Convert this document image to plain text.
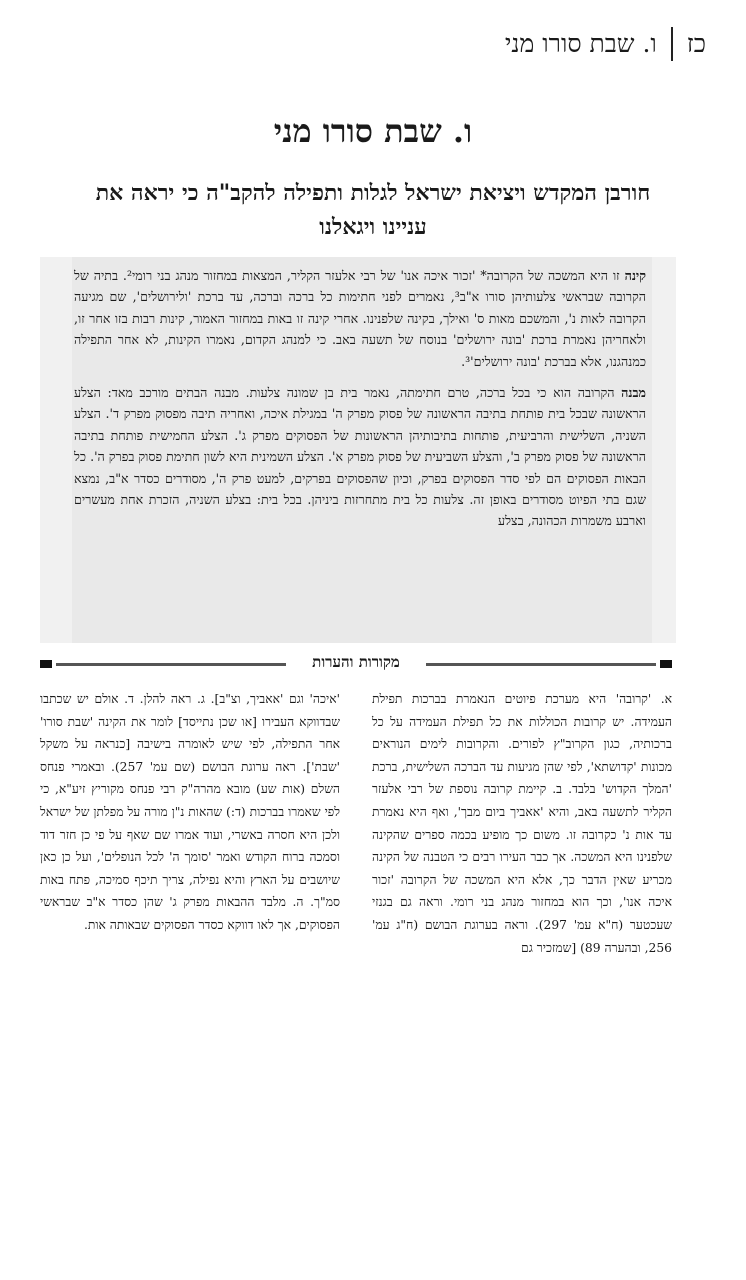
כז
ו. שבת סורו מני
ו. שבת סורו מני
חורבן המקדש ויציאת ישראל לגלות ותפילה להקב"ה כי יראה את עניינו ויגאלנו

קינה זו היא המשכה של הקרובה* 'זכור איכה אנו' של רבי אלעזר הקליר, המצאות במחזור מנהג בני רומי². בתיה של הקרובה שבראשי צלעותיהן סורו א"ב³, נאמרים לפני חתימות כל ברכה וברכה, עד ברכת 'ולירושלים', שם מגיעה הקרובה לאות נ', והמשכם מאות ס' ואילך, בקינה שלפנינו. אחרי קינה זו באות במחזור האמור, קינות רבות בזו אחר זו, ולאחריהן נאמרת ברכת 'בונה ירושלים' בנוסח של תשעה באב. כי למנהג הקדום, נאמרו הקינות, לא אחר התפילה כמנהגנו, אלא בברכת 'בונה ירושלים'³.

מבנה הקרובה הוא כי בכל ברכה, טרם חתימתה, נאמר בית בן שמונה צלעות. מבנה הבתים מורכב מאד: הצלע הראשונה שבכל בית פותחת בתיבה הראשונה של פסוק מפרק ה' במגילת איכה, ואחריה תיבה מפסוק מפרק ד'. הצלע השניה, השלישית והרביעית, פותחות בתיבותיהן הראשונות של הפסוקים מפרק ג'. הצלע החמישית פותחת בתיבה הראשונה של פסוק מפרק ב', והצלע השביעית של פסוק מפרק א'. הצלע השמינית היא לשון חתימת פסוק בפרק ה'. כל הבאות הפסוקים הם לפי סדר הפסוקים בפרק, וכיון שהפסוקים בפרקים, למעט פרק ה', מסודרים כסדר א"ב, נמצא שגם בתי הפיוט מסודרים באופן זה. צלעות כל בית מתחרזות ביניהן. בכל בית: בצלע השניה, הזכרת אחת מעשרים וארבע משמרות הכהונה, בצלע

מקורות והערות

א. 'קרובה' היא מערכת פיוטים הנאמרת בברכות תפילת העמידה. יש קרובות הכוללות את כל תפילת העמידה על כל ברכותיה, כגון הקרוב"ץ לפורים. והקרובות לימים הנוראים מכונות 'קדושתא', לפי שהן מגיעות עד הברכה השלישית, ברכת 'המלך הקדוש' בלבד. ב. קיימת קרובה נוספת של רבי אלעזר הקליר לתשעה באב, והיא 'אאביך ביום מבך', ואף היא נאמרת עד אות נ' כקרובה זו. משום כך מופיע בכמה ספרים שהקינה שלפנינו היא המשכה. אך כבר העירו רבים כי הטבנה של הקינה מכריע שאין הדבר כך, אלא היא המשכה של הקרובה 'זכור איכה אנו', וכך הוא במחזור מנהג בני רומי. וראה גם בגנזי שעכטער (ח"א עמ' 297). וראה בערוגת הבושם (ח"ג עמ' 256, ובהערה 89) [שמזכיר גם

'איכה' וגם 'אאביך, וצ"ב]. ג. ראה להלן. ד. אולם יש שכתבו שבדווקא העבירו [או שכן נתייסד] לומר את הקינה 'שבת סורו' אחר התפילה, לפי שיש לאומרה בישיבה [כנראה על משקל 'שבת']. ראה ערוגת הבושם (שם עמ' 257). ובאמרי פנחס השלם (אות שע) מובא מהרה"ק רבי פנחס מקוריץ זיע"א, כי לפי שאמרו בברכות (ד:) שהאות נ"ן מורה על מפלתן של ישראל ולכן היא חסרה באשרי, ועוד אמרו שם שאף על פי כן חזר דוד וסמכה ברוח הקודש ואמר 'סומך ה' לכל הנופלים', ועל כן כאן שיושבים על הארץ והיא נפילה, צריך תיכף סמיכה, פתח באות סמ"ך. ה. מלבד ההבאות מפרק ג' שהן כסדר א"ב שבראשי הפסוקים, אך לאו דווקא כסדר הפסוקים שבאותה אות.
